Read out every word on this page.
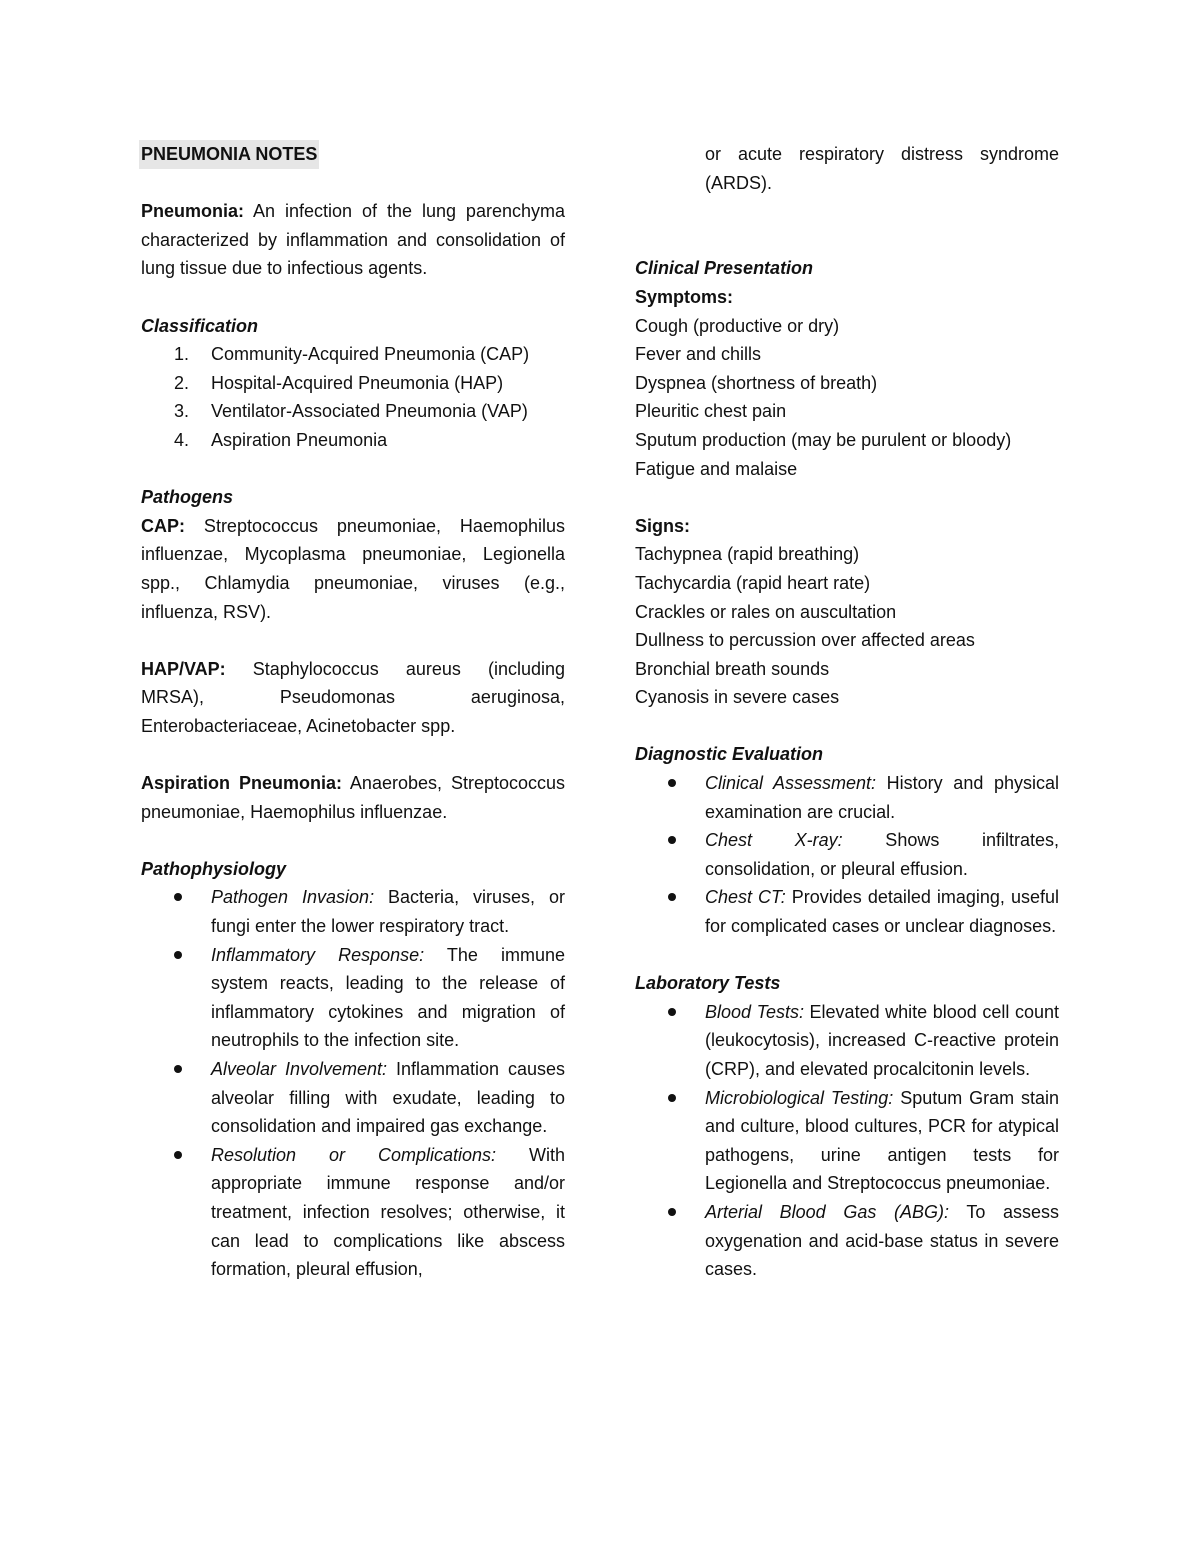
PNEUMONIA NOTES

Pneumonia: An infection of the lung parenchyma characterized by inflammation and consolidation of lung tissue due to infectious agents.

Classification

1. Community-Acquired Pneumonia (CAP)
2. Hospital-Acquired Pneumonia (HAP)
3. Ventilator-Associated Pneumonia (VAP)
4. Aspiration Pneumonia

Pathogens

CAP: Streptococcus pneumoniae, Haemophilus influenzae, Mycoplasma pneumoniae, Legionella spp., Chlamydia pneumoniae, viruses (e.g., influenza, RSV).

HAP/VAP: Staphylococcus aureus (including MRSA), Pseudomonas aeruginosa, Enterobacteriaceae, Acinetobacter spp.

Aspiration Pneumonia: Anaerobes, Streptococcus pneumoniae, Haemophilus influenzae.

Pathophysiology

Pathogen Invasion: Bacteria, viruses, or fungi enter the lower respiratory tract.
Inflammatory Response: The immune system reacts, leading to the release of inflammatory cytokines and migration of neutrophils to the infection site.
Alveolar Involvement: Inflammation causes alveolar filling with exudate, leading to consolidation and impaired gas exchange.
Resolution or Complications: With appropriate immune response and/or treatment, infection resolves; otherwise, it can lead to complications like abscess formation, pleural effusion,
or acute respiratory distress syndrome (ARDS).

Clinical Presentation

Symptoms:

Cough (productive or dry)

Fever and chills

Dyspnea (shortness of breath)

Pleuritic chest pain

Sputum production (may be purulent or bloody)

Fatigue and malaise

Signs:

Tachypnea (rapid breathing)

Tachycardia (rapid heart rate)

Crackles or rales on auscultation

Dullness to percussion over affected areas

Bronchial breath sounds

Cyanosis in severe cases

Diagnostic Evaluation

Clinical Assessment: History and physical examination are crucial.
Chest X-ray: Shows infiltrates, consolidation, or pleural effusion.
Chest CT: Provides detailed imaging, useful for complicated cases or unclear diagnoses.

Laboratory Tests

Blood Tests: Elevated white blood cell count (leukocytosis), increased C-reactive protein (CRP), and elevated procalcitonin levels.
Microbiological Testing: Sputum Gram stain and culture, blood cultures, PCR for atypical pathogens, urine antigen tests for Legionella and Streptococcus pneumoniae.
Arterial Blood Gas (ABG): To assess oxygenation and acid-base status in severe cases.
